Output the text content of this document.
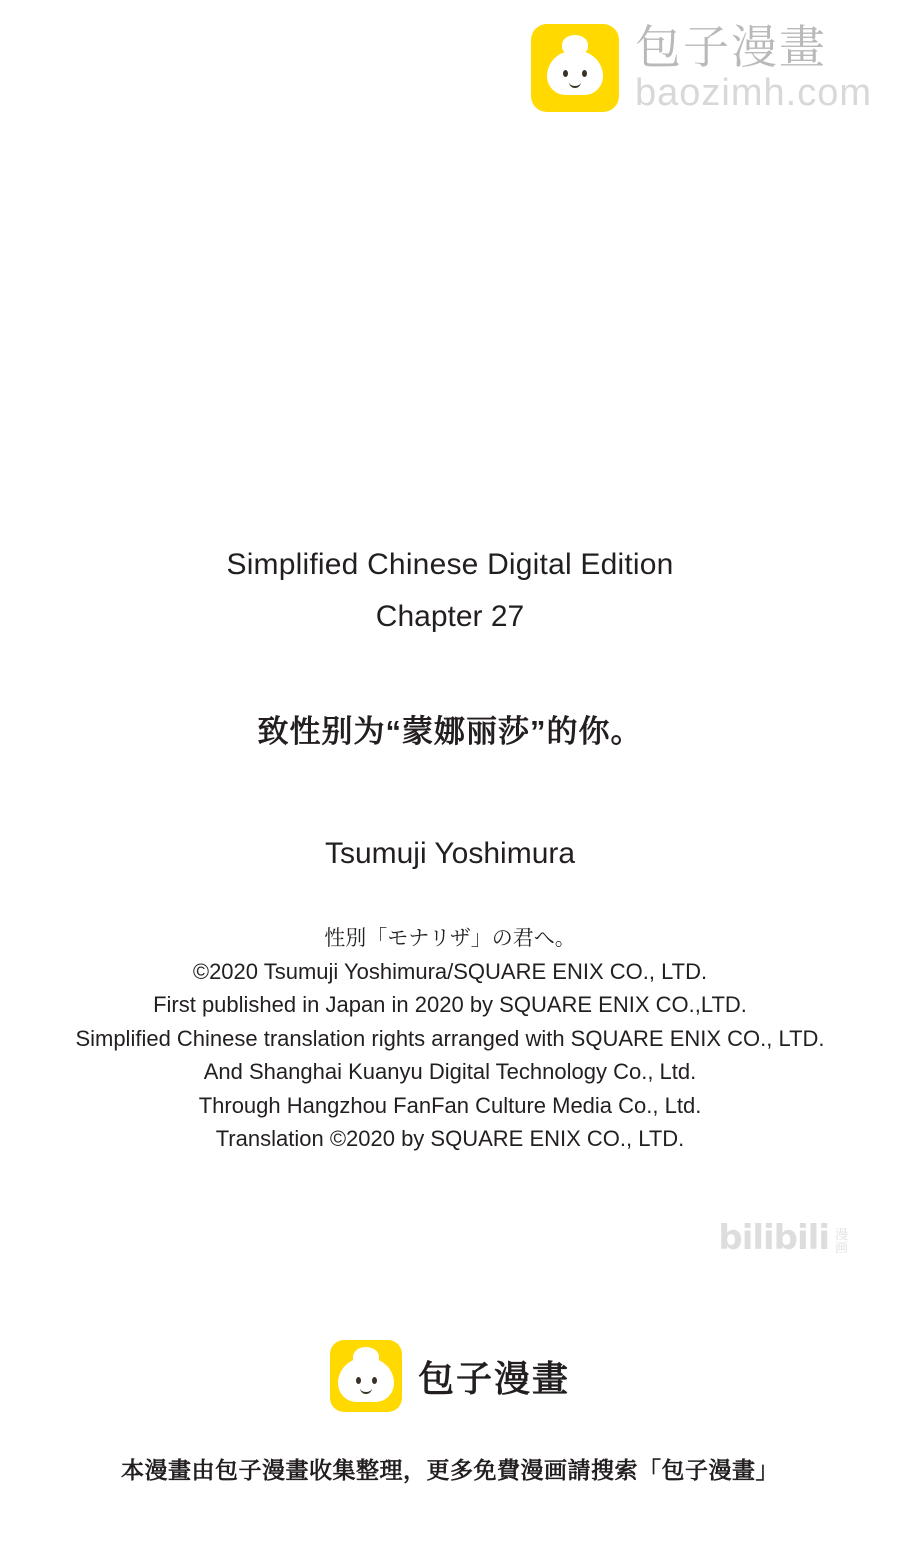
包子漫畫
baozimh.com
Simplified Chinese Digital Edition
Chapter 27
致性别为“蒙娜丽莎”的你。
Tsumuji Yoshimura
性別「モナリザ」の君へ。
©2020 Tsumuji Yoshimura/SQUARE ENIX CO., LTD.
First published in Japan in 2020 by SQUARE ENIX CO.,LTD.
Simplified Chinese translation rights arranged with SQUARE ENIX CO., LTD.
And Shanghai Kuanyu Digital Technology Co., Ltd.
Through Hangzhou FanFan Culture Media Co., Ltd.
Translation ©2020 by SQUARE ENIX CO., LTD.
bilibili 漫
画
包子漫畫
本漫畫由包子漫畫收集整理，更多免費漫画請搜索「包子漫畫」
